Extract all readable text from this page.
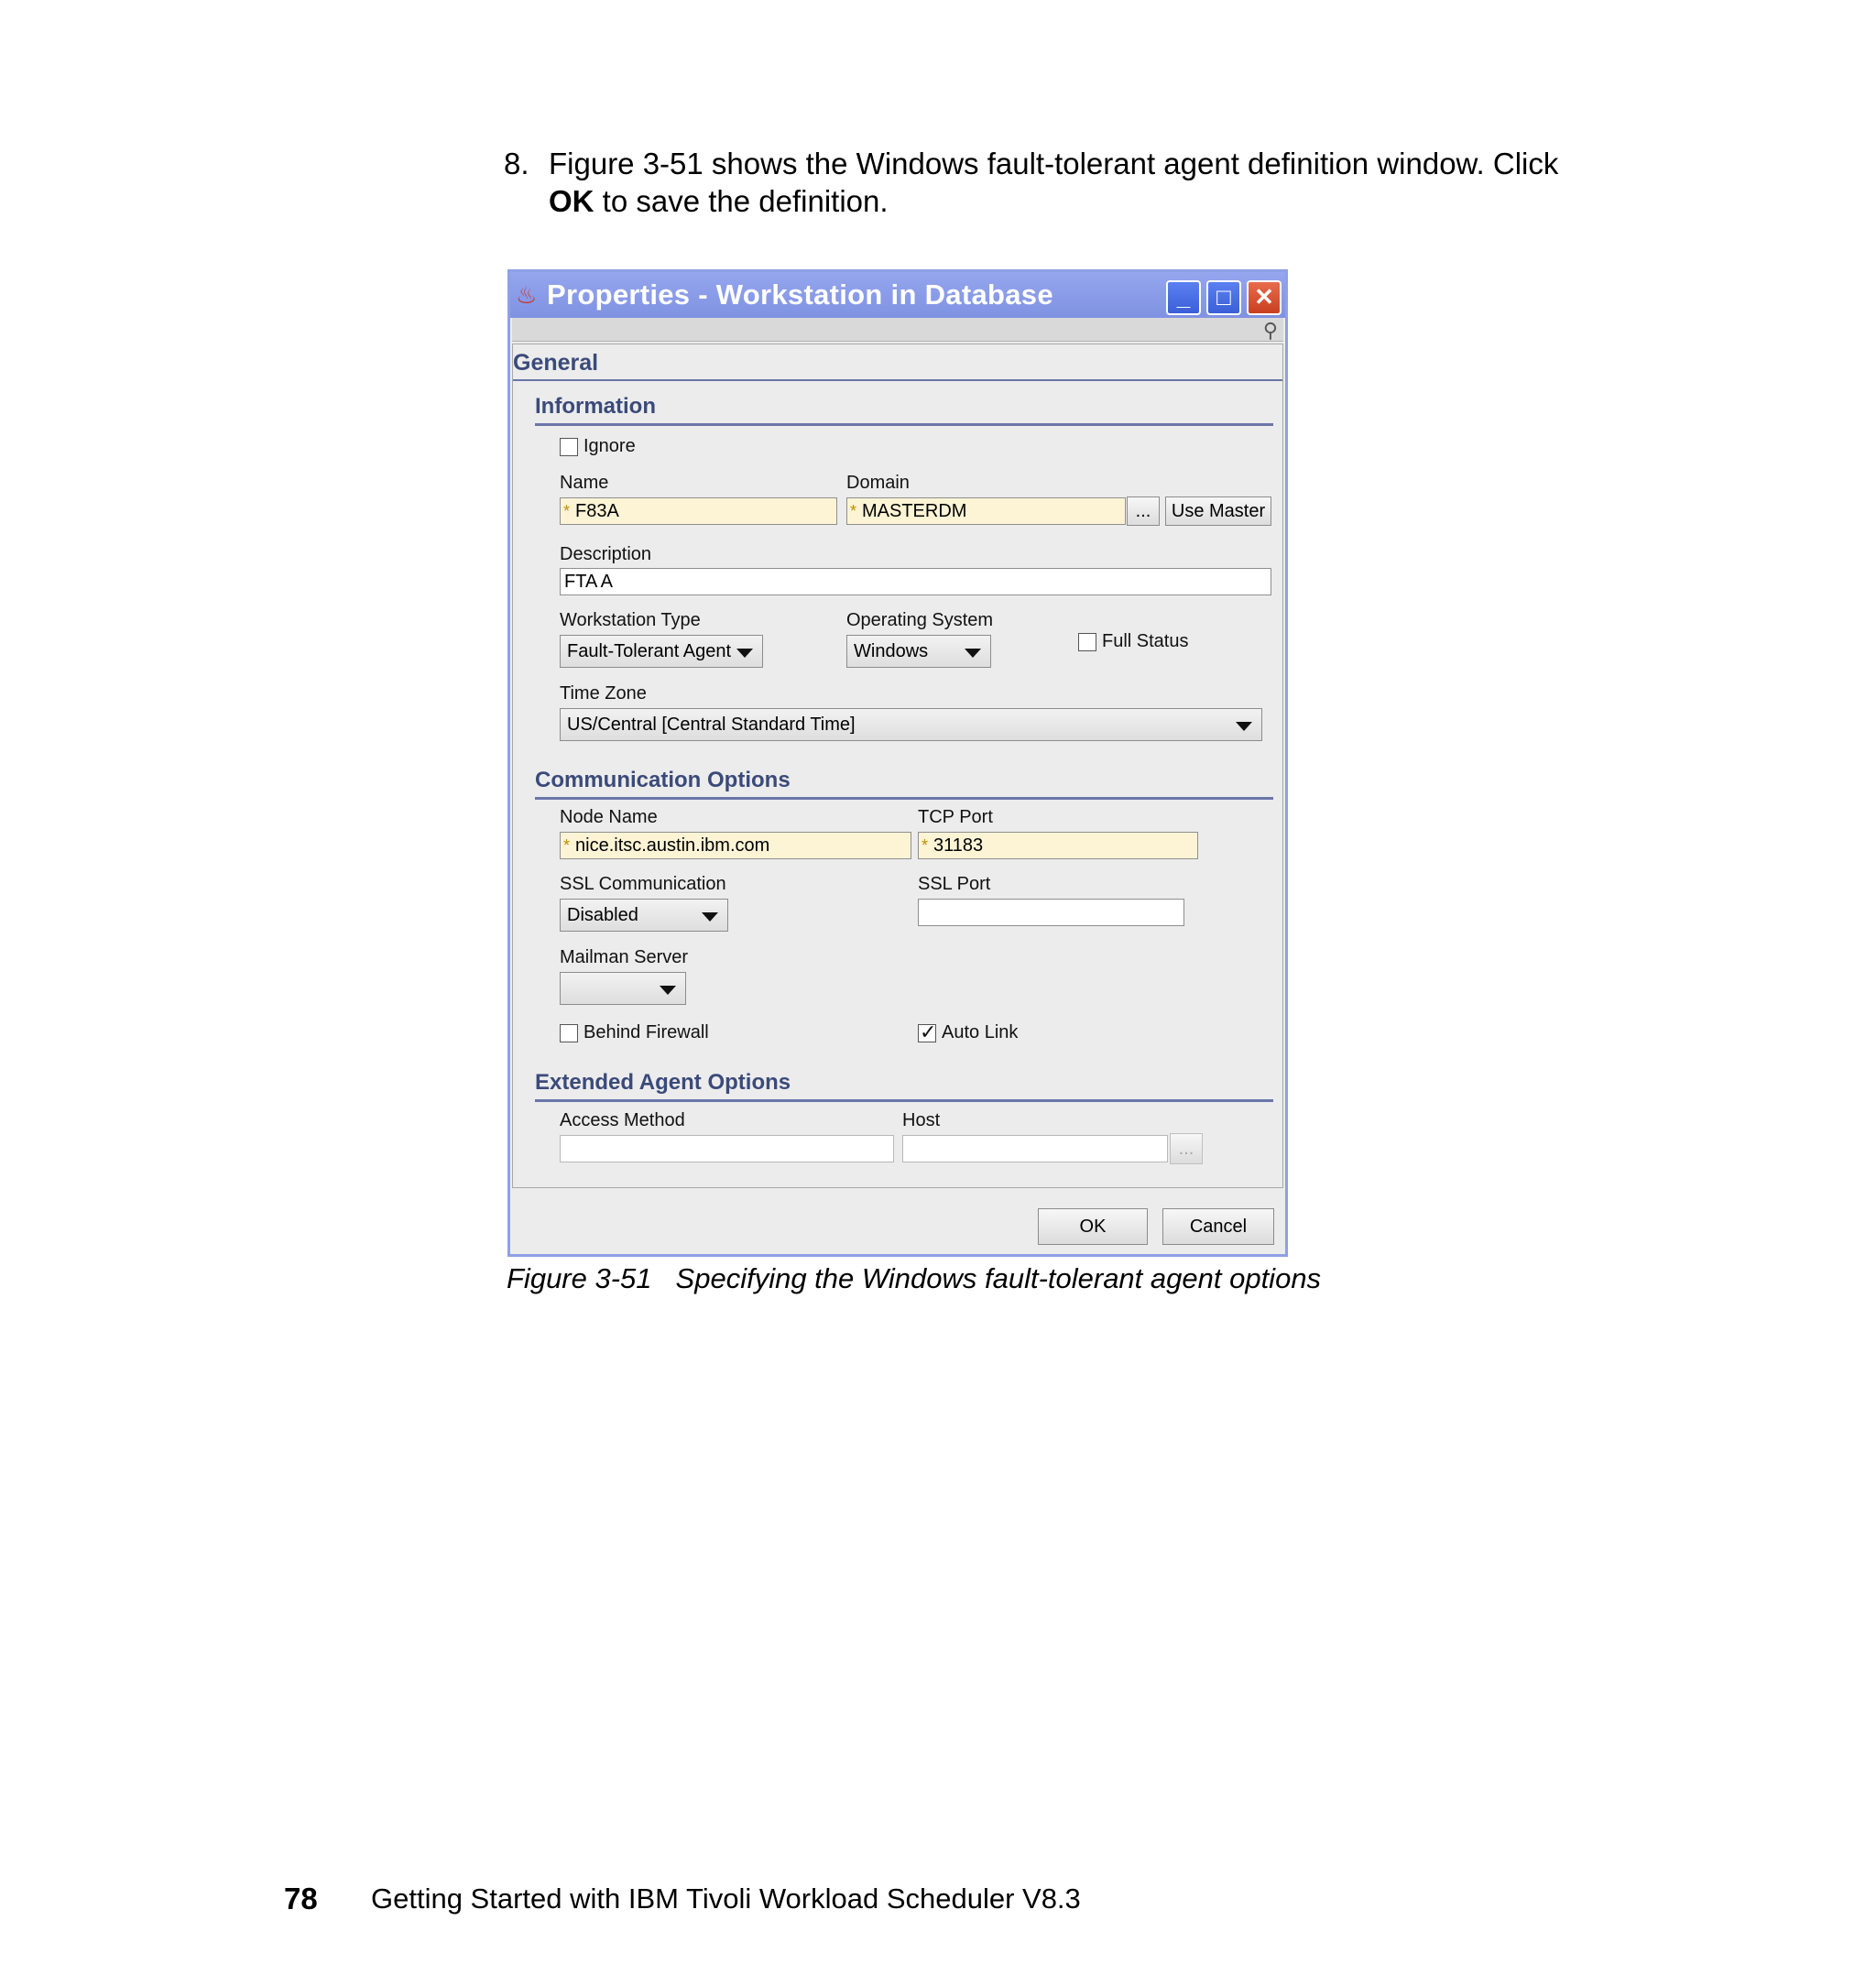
8. Figure 3-51 shows the Windows fault-tolerant agent definition window. Click
OK to save the definition.
♨ Properties - Workstation in Database	_	□ ✕
⚲
General
Information
Ignore
Name
* F83A
Domain
* MASTERDM	...	Use Master
Description
FTA A
Workstation Type
Fault-Tolerant Agent
Operating System
Windows	Full Status
Time Zone
US/Central [Central Standard Time]
Communication Options
Node Name
* nice.itsc.austin.ibm.com
TCP Port
* 31183
SSL Communication
Disabled
SSL Port
Mailman Server
Behind Firewall
✓	Auto Link
Extended Agent Options
Access Method	Host
...
OK	Cancel
Figure 3-51 Specifying the Windows fault-tolerant agent options
78 Getting Started with IBM Tivoli Workload Scheduler V8.3
